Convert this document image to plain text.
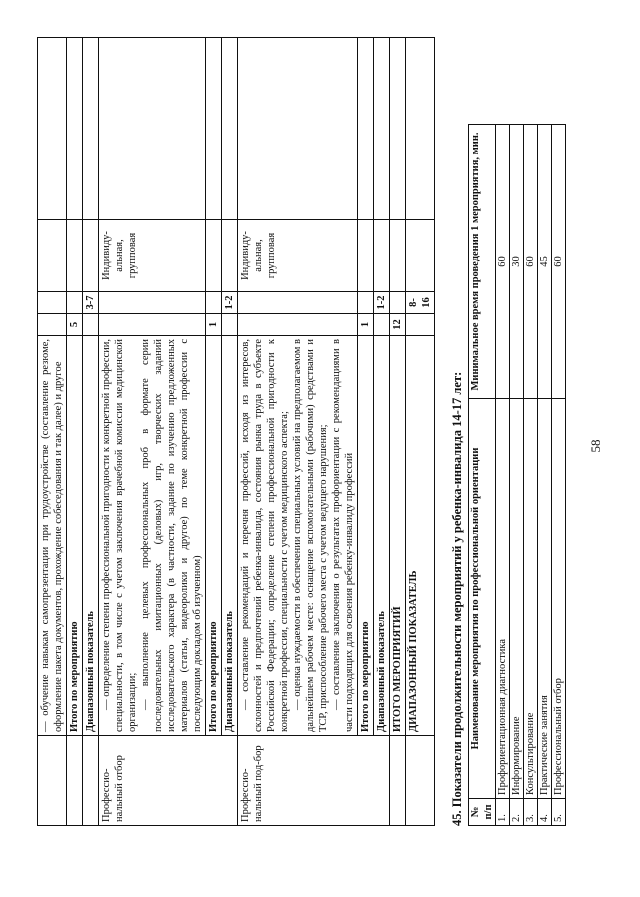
58
	— обучение навыкам самопрезентации при трудоустройстве (составление резюме, оформление пакета документов, прохождение собеседования и так далее) и другое				
	Итого по мероприятию	5			
	Диапазонный показатель		3-7		
Профессио-нальный отбор	— определение степени профессиональной пригодности к конкретной профессии, специальности, в том числе с учетом заключения врачебной комиссии медицинской организации; — выполнение целевых профессиональных проб в формате серии последовательных имитационных (деловых) игр, творческих заданий исследовательского характера (в частности, задание по изучению предложенных материалов (статьи, видеоролики и другое) по теме конкретной профессии с последующим докладом об изученном)			Индивиду-альная, групповая	
	Итого по мероприятию	1			
	Диапазонный показатель		1-2		
Профессио-нальный под-бор	— составление рекомендаций и перечня профессий, исходя из интересов, склонностей и предпочтений ребенка-инвалида, состояния рынка труда в субъекте Российской Федерации; определение степени профессиональной пригодности к конкретной профессии, специальности с учетом медицинского аспекта; — оценка нуждаемости в обеспечении специальных условий на предполагаемом в дальнейшем рабочем месте: оснащение вспомогательными (рабочими) средствами и ТСР, приспособление рабочего места с учетом ведущего нарушения; — составление заключения о результатах профориентации с рекомендациями в части подходящих для освоения ребенку-инвалиду профессий			Индивиду-альная, групповая	
	Итого по мероприятию	1			
	Диапазонный показатель		1-2		
	ИТОГО МЕРОПРИЯТИЙ	12			
	ДИАПАЗОННЫЙ ПОКАЗАТЕЛЬ		8-16		
45. Показатели продолжительности мероприятий у ребенка-инвалида 14-17 лет: № п/п	Наименование мероприятия по профессиональной ориентации	Минимальное время проведения 1 мероприятия, мин.
1.	Профориентационная диагностика	60
2.	Информирование	30
3.	Консультирование	60
4.	Практические занятия	45
5.	Профессиональный отбор	60
